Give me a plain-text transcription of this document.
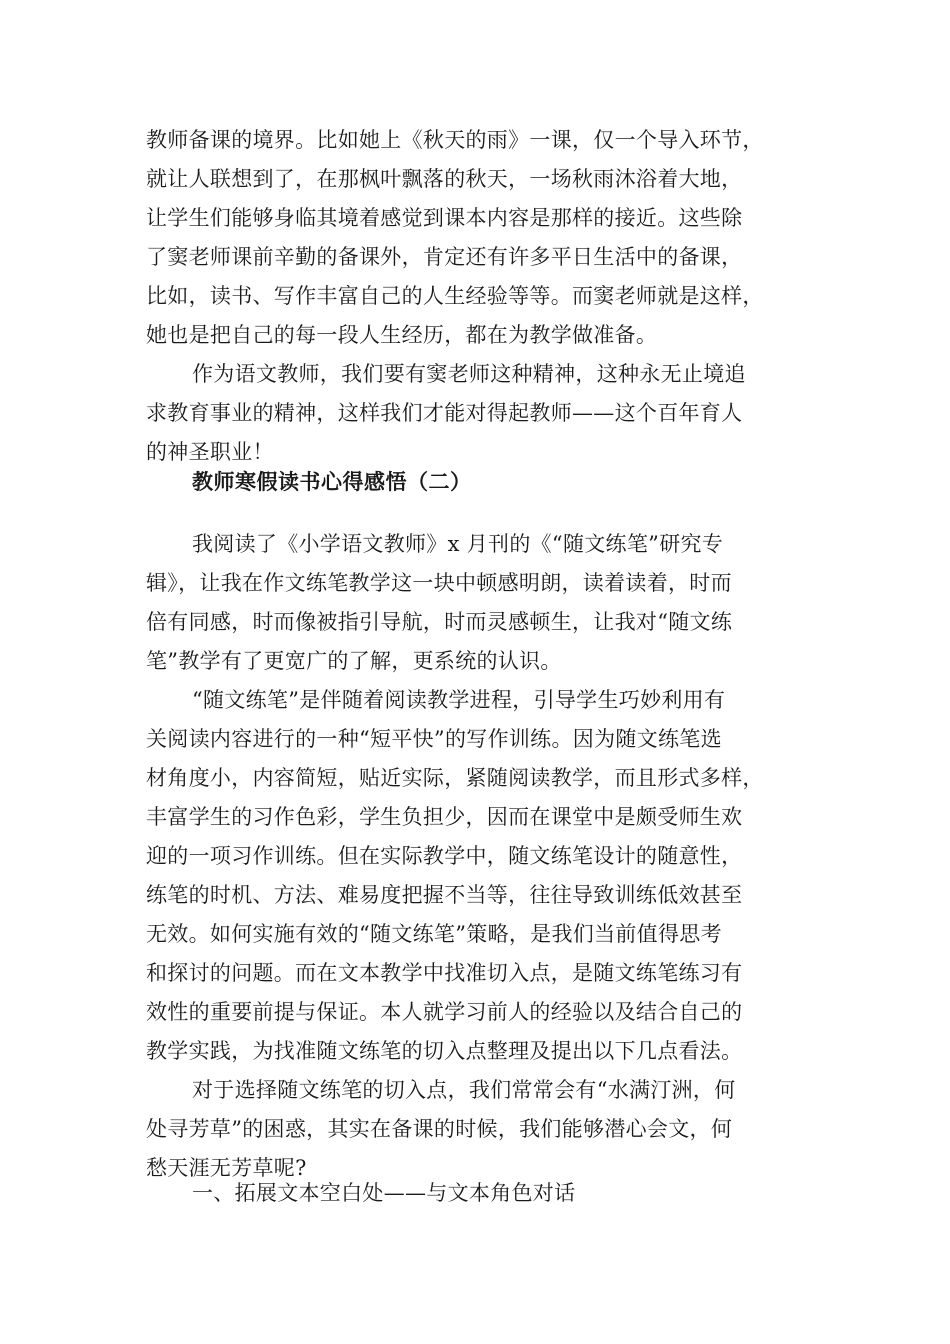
教师备课的境界。比如她上《秋天的雨》一课，仅一个导入环节，
就让人联想到了，在那枫叶飘落的秋天，一场秋雨沐浴着大地，
让学生们能够身临其境着感觉到课本内容是那样的接近。这些除
了窦老师课前辛勤的备课外，肯定还有许多平日生活中的备课，
比如，读书、写作丰富自己的人生经验等等。而窦老师就是这样，
她也是把自己的每一段人生经历，都在为教学做准备。
作为语文教师，我们要有窦老师这种精神，这种永无止境追
求教育事业的精神，这样我们才能对得起教师——这个百年育人
的神圣职业！
教师寒假读书心得感悟（二）
我阅读了《小学语文教师》x 月刊的《“随文练笔”研究专
辑》，让我在作文练笔教学这一块中顿感明朗，读着读着，时而
倍有同感，时而像被指引导航，时而灵感顿生，让我对“随文练
笔”教学有了更宽广的了解，更系统的认识。
“随文练笔”是伴随着阅读教学进程，引导学生巧妙利用有
关阅读内容进行的一种“短平快”的写作训练。因为随文练笔选
材角度小，内容简短，贴近实际，紧随阅读教学，而且形式多样，
丰富学生的习作色彩，学生负担少，因而在课堂中是颇受师生欢
迎的一项习作训练。但在实际教学中，随文练笔设计的随意性，
练笔的时机、方法、难易度把握不当等，往往导致训练低效甚至
无效。如何实施有效的“随文练笔”策略，是我们当前值得思考
和探讨的问题。而在文本教学中找准切入点，是随文练笔练习有
效性的重要前提与保证。本人就学习前人的经验以及结合自己的
教学实践，为找准随文练笔的切入点整理及提出以下几点看法。
对于选择随文练笔的切入点，我们常常会有“水满汀洲，何
处寻芳草”的困惑，其实在备课的时候，我们能够潜心会文，何
愁天涯无芳草呢?
一、拓展文本空白处——与文本角色对话
